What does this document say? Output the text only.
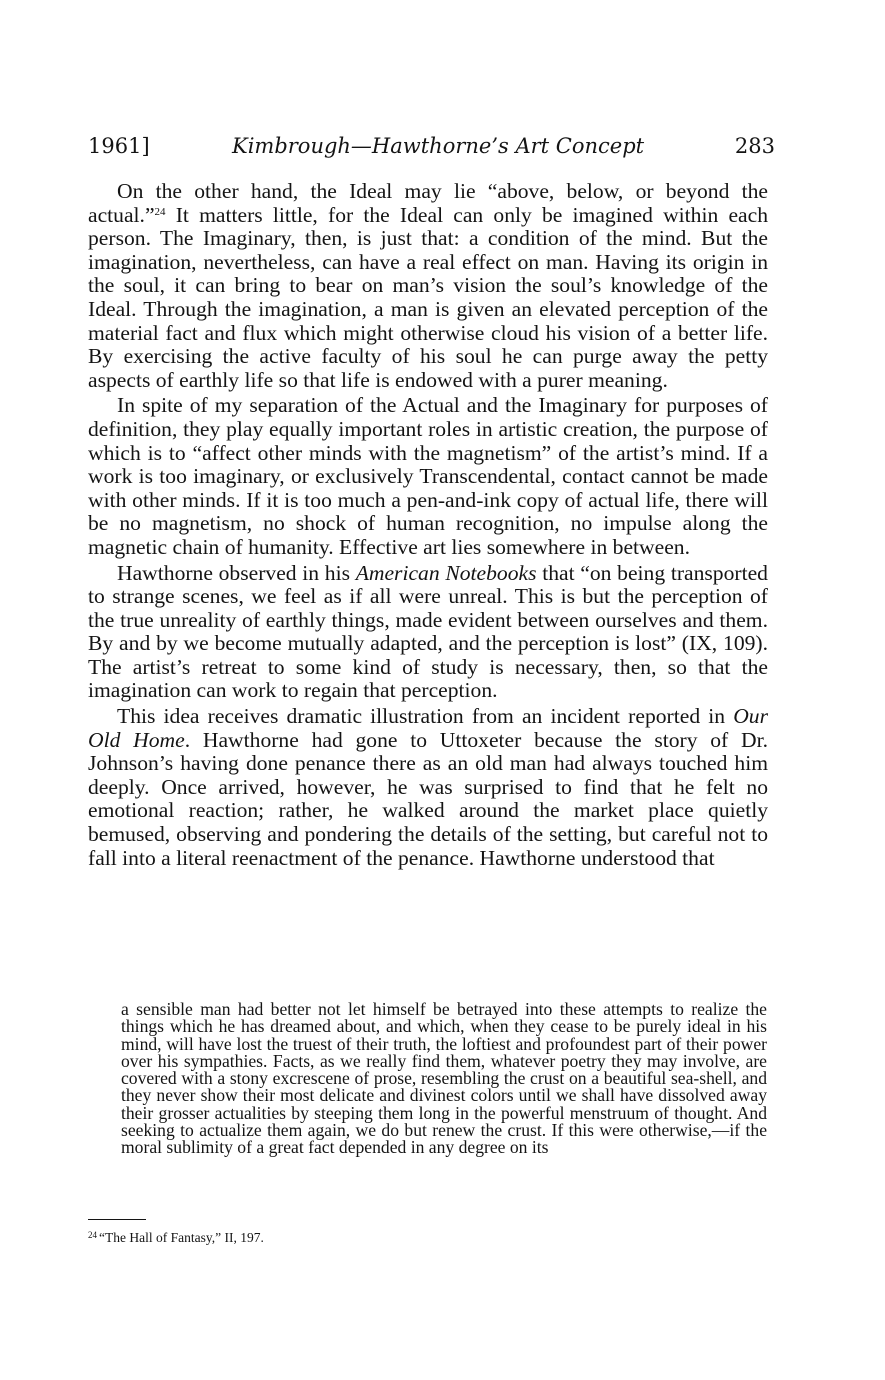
1961]	Kimbrough—Hawthorne’s Art Concept	283

On the other hand, the Ideal may lie “above, below, or beyond the actual.”$^{24}$ It matters little, for the Ideal can only be imagined within each person. The Imaginary, then, is just that: a condition of the mind. But the imagination, nevertheless, can have a real effect on man. Having its origin in the soul, it can bring to bear on man’s vision the soul’s knowledge of the Ideal. Through the imagination, a man is given an elevated perception of the material fact and flux which might otherwise cloud his vision of a better life. By exercising the active faculty of his soul he can purge away the petty aspects of earthly life so that life is endowed with a purer meaning.

In spite of my separation of the Actual and the Imaginary for purposes of definition, they play equally important roles in artistic creation, the purpose of which is to “affect other minds with the magnetism” of the artist’s mind. If a work is too imaginary, or exclusively Transcendental, contact cannot be made with other minds. If it is too much a pen-and-ink copy of actual life, there will be no magnetism, no shock of human recognition, no impulse along the magnetic chain of humanity. Effective art lies somewhere in between.

Hawthorne observed in his American Notebooks that “on being transported to strange scenes, we feel as if all were unreal. This is but the perception of the true unreality of earthly things, made evident between ourselves and them. By and by we become mutually adapted, and the perception is lost” (IX, 109). The artist’s retreat to some kind of study is necessary, then, so that the imagination can work to regain that perception.

This idea receives dramatic illustration from an incident reported in Our Old Home. Hawthorne had gone to Uttoxeter because the story of Dr. Johnson’s having done penance there as an old man had always touched him deeply. Once arrived, however, he was surprised to find that he felt no emotional reaction; rather, he walked around the market place quietly bemused, observing and pondering the details of the setting, but careful not to fall into a literal reenactment of the penance. Hawthorne understood that

a sensible man had better not let himself be betrayed into these attempts to realize the things which he has dreamed about, and which, when they cease to be purely ideal in his mind, will have lost the truest of their truth, the loftiest and profoundest part of their power over his sympathies. Facts, as we really find them, whatever poetry they may involve, are covered with a stony excrescene of prose, resembling the crust on a beautiful sea-shell, and they never show their most delicate and divinest colors until we shall have dissolved away their grosser actualities by steeping them long in the powerful menstruum of thought. And seeking to actualize them again, we do but renew the crust. If this were otherwise,—if the moral sublimity of a great fact depended in any degree on its

$^{24}$ “The Hall of Fantasy,” II, 197.
